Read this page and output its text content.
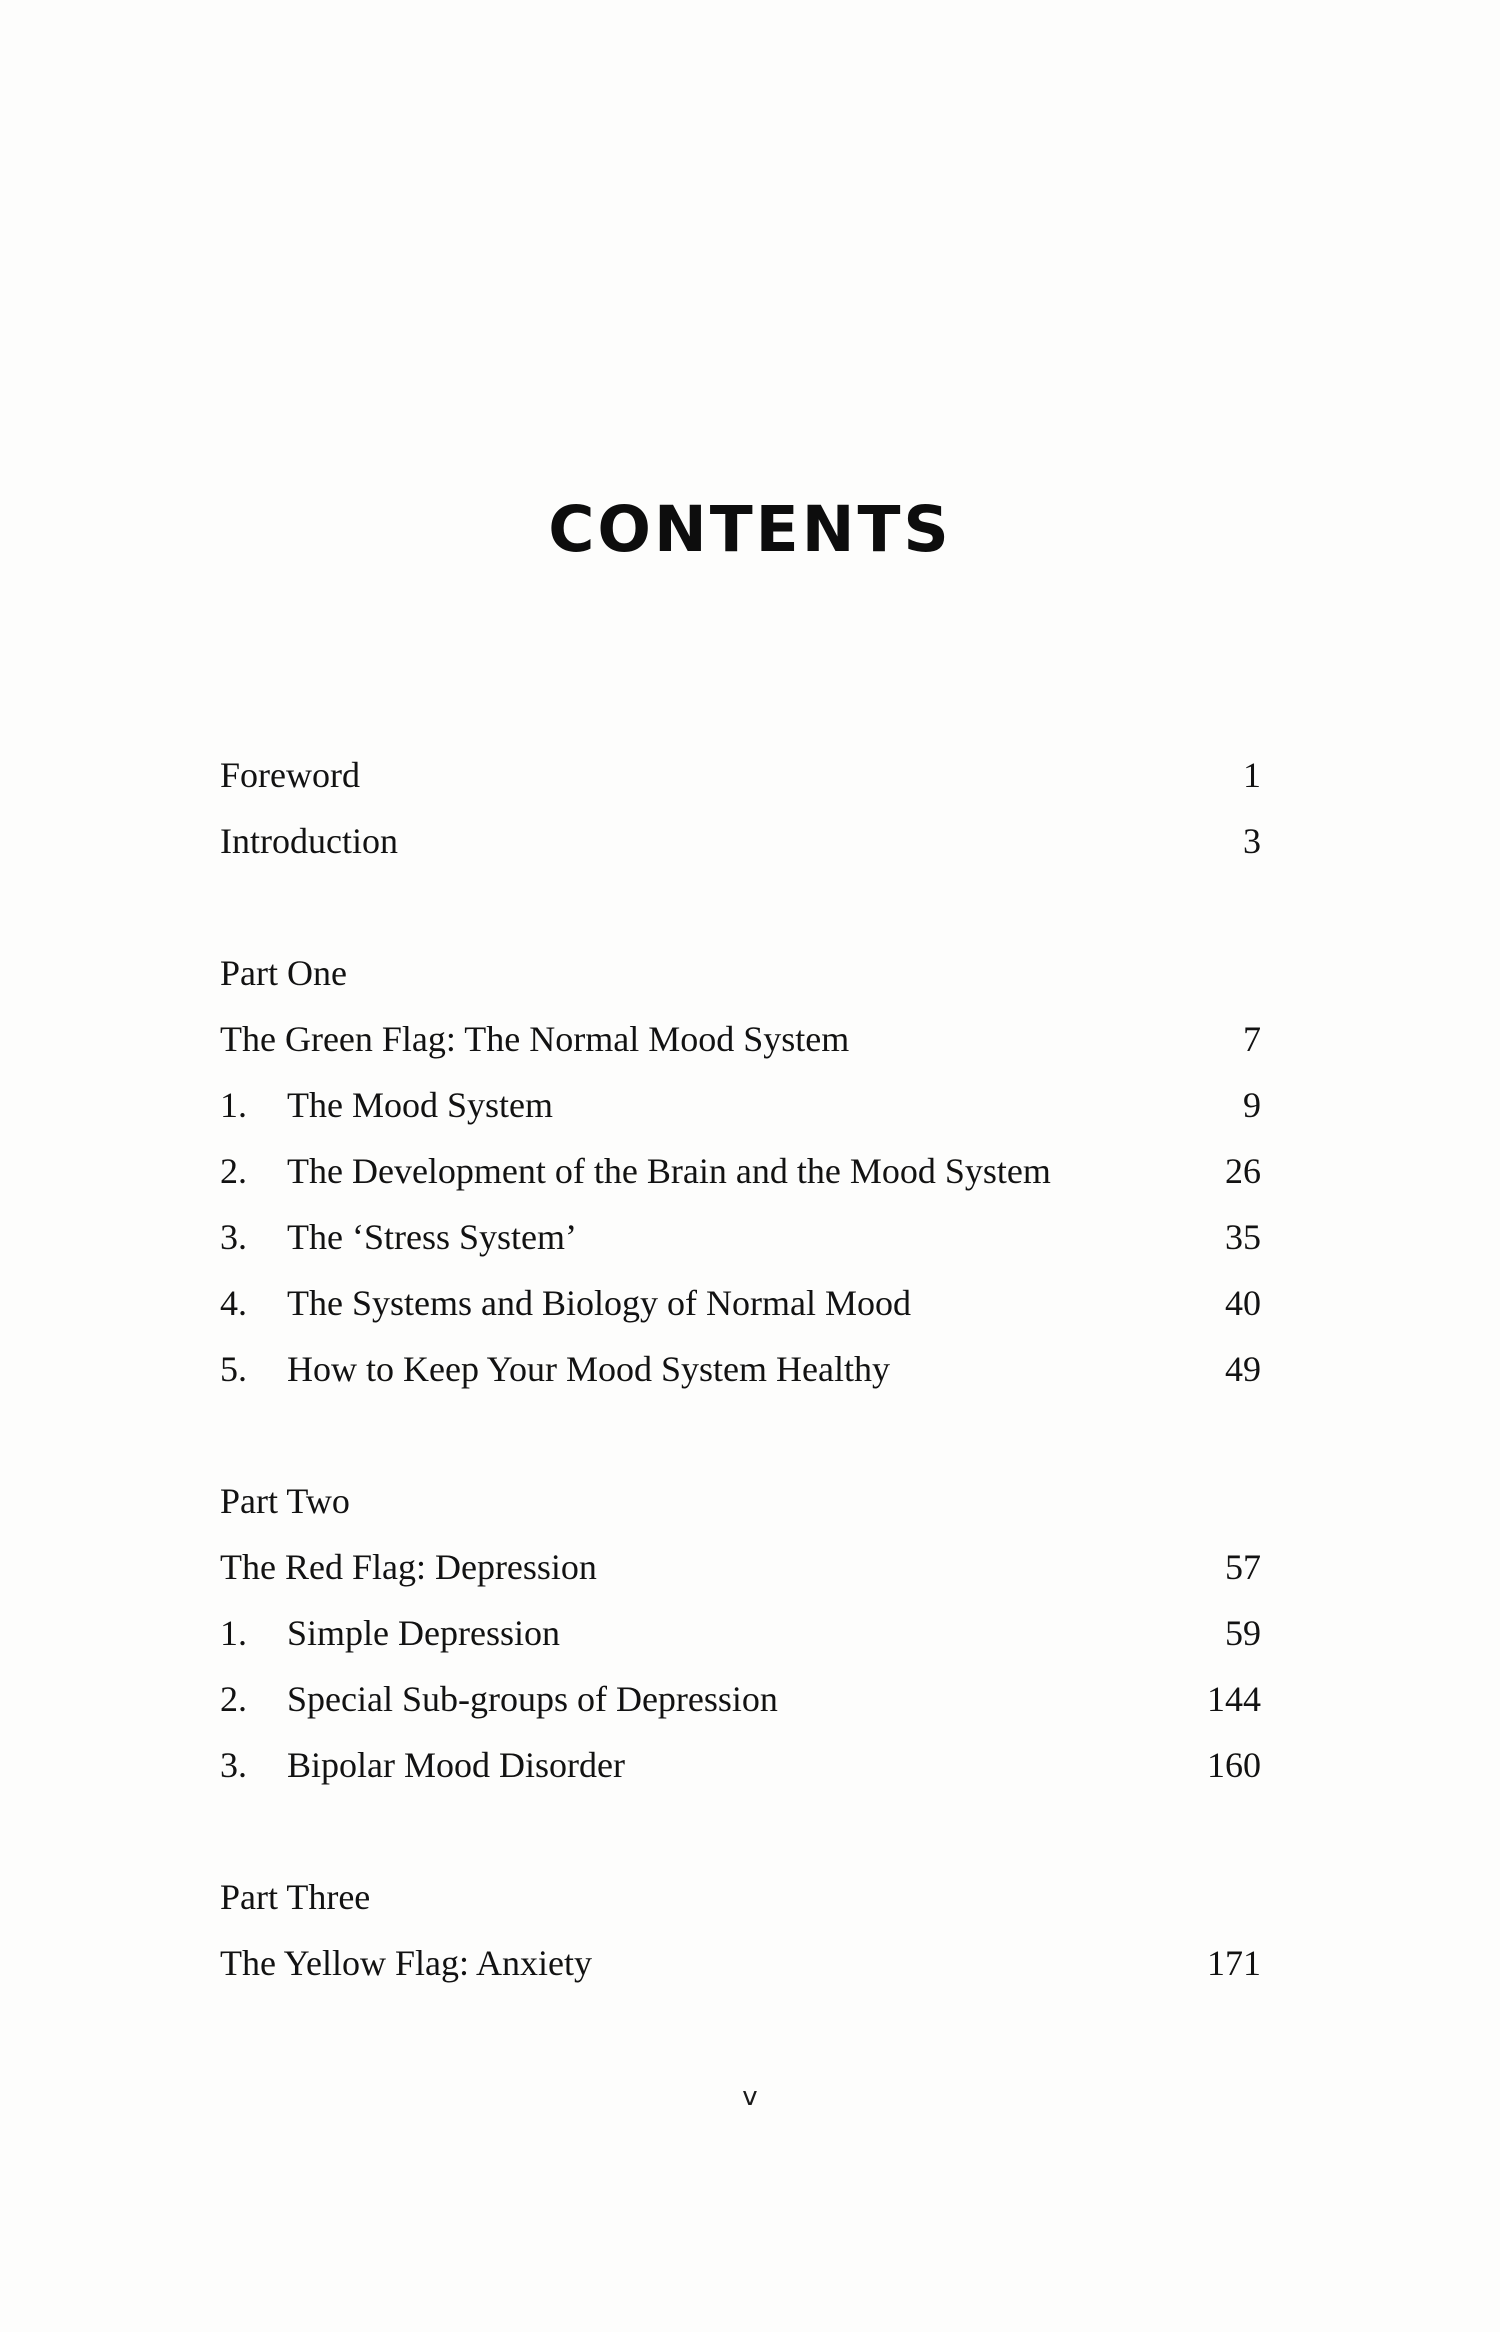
CONTENTS
Foreword	1
Introduction	3
Part One
The Green Flag: The Normal Mood System	7
1. The Mood System	9
2. The Development of the Brain and the Mood System	26
3. The ‘Stress System’	35
4. The Systems and Biology of Normal Mood	40
5. How to Keep Your Mood System Healthy	49
Part Two
The Red Flag: Depression	57
1. Simple Depression	59
2. Special Sub-groups of Depression	144
3. Bipolar Mood Disorder	160
Part Three
The Yellow Flag: Anxiety	171
v
